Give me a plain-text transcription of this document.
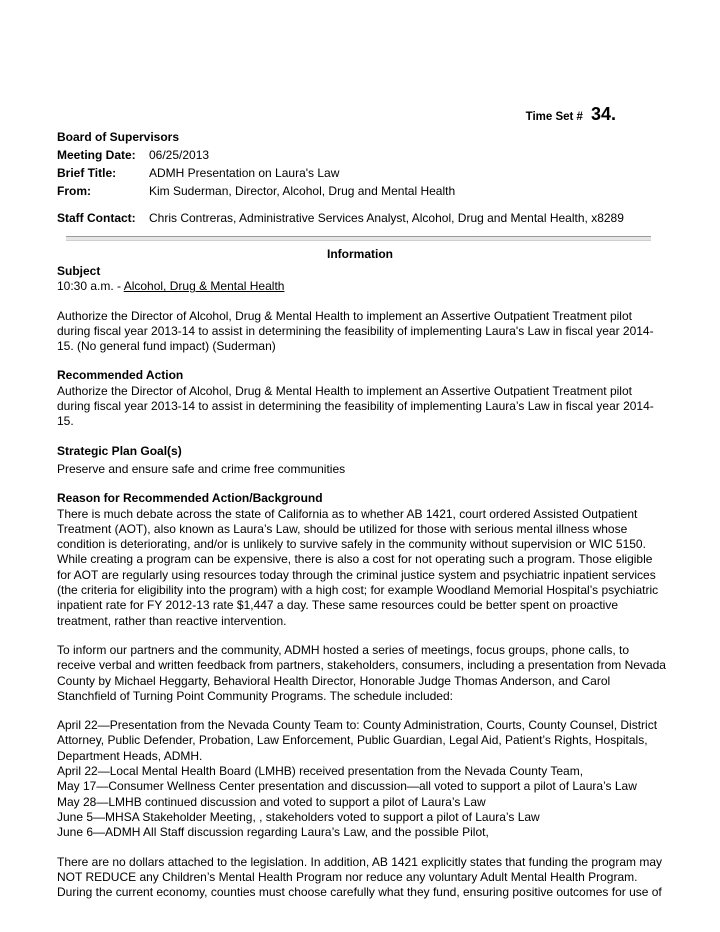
Time Set # 34.
Board of Supervisors
Meeting Date:	06/25/2013
Brief Title:	ADMH Presentation on Laura's Law
From:	Kim Suderman, Director, Alcohol, Drug and Mental Health
Staff Contact:	Chris Contreras, Administrative Services Analyst, Alcohol, Drug and Mental Health, x8289
Information

Subject

10:30 a.m. - Alcohol, Drug & Mental Health

Authorize the Director of Alcohol, Drug & Mental Health to implement an Assertive Outpatient Treatment pilot during fiscal year 2013-14 to assist in determining the feasibility of implementing Laura's Law in fiscal year 2014-15. (No general fund impact) (Suderman)

Recommended Action

Authorize the Director of Alcohol, Drug & Mental Health to implement an Assertive Outpatient Treatment pilot during fiscal year 2013-14 to assist in determining the feasibility of implementing Laura’s Law in fiscal year 2014-15.

Strategic Plan Goal(s)

Preserve and ensure safe and crime free communities

Reason for Recommended Action/Background

There is much debate across the state of California as to whether AB 1421, court ordered Assisted Outpatient Treatment (AOT), also known as Laura’s Law, should be utilized for those with serious mental illness whose condition is deteriorating, and/or is unlikely to survive safely in the community without supervision or WIC 5150. While creating a program can be expensive, there is also a cost for not operating such a program. Those eligible for AOT are regularly using resources today through the criminal justice system and psychiatric inpatient services (the criteria for eligibility into the program) with a high cost; for example Woodland Memorial Hospital’s psychiatric inpatient rate for FY 2012-13 rate $1,447 a day. These same resources could be better spent on proactive treatment, rather than reactive intervention.

To inform our partners and the community, ADMH hosted a series of meetings, focus groups, phone calls, to receive verbal and written feedback from partners, stakeholders, consumers, including a presentation from Nevada County by Michael Heggarty, Behavioral Health Director, Honorable Judge Thomas Anderson, and Carol Stanchfield of Turning Point Community Programs. The schedule included:

April 22—Presentation from the Nevada County Team to: County Administration, Courts, County Counsel, District Attorney, Public Defender, Probation, Law Enforcement, Public Guardian, Legal Aid, Patient’s Rights, Hospitals, Department Heads, ADMH.

April 22—Local Mental Health Board (LMHB) received presentation from the Nevada County Team,

May 17—Consumer Wellness Center presentation and discussion—all voted to support a pilot of Laura’s Law

May 28—LMHB continued discussion and voted to support a pilot of Laura’s Law

June 5—MHSA Stakeholder Meeting, , stakeholders voted to support a pilot of Laura’s Law

June 6—ADMH All Staff discussion regarding Laura’s Law, and the possible Pilot,

There are no dollars attached to the legislation. In addition, AB 1421 explicitly states that funding the program may NOT REDUCE any Children’s Mental Health Program nor reduce any voluntary Adult Mental Health Program. During the current economy, counties must choose carefully what they fund, ensuring positive outcomes for use of
